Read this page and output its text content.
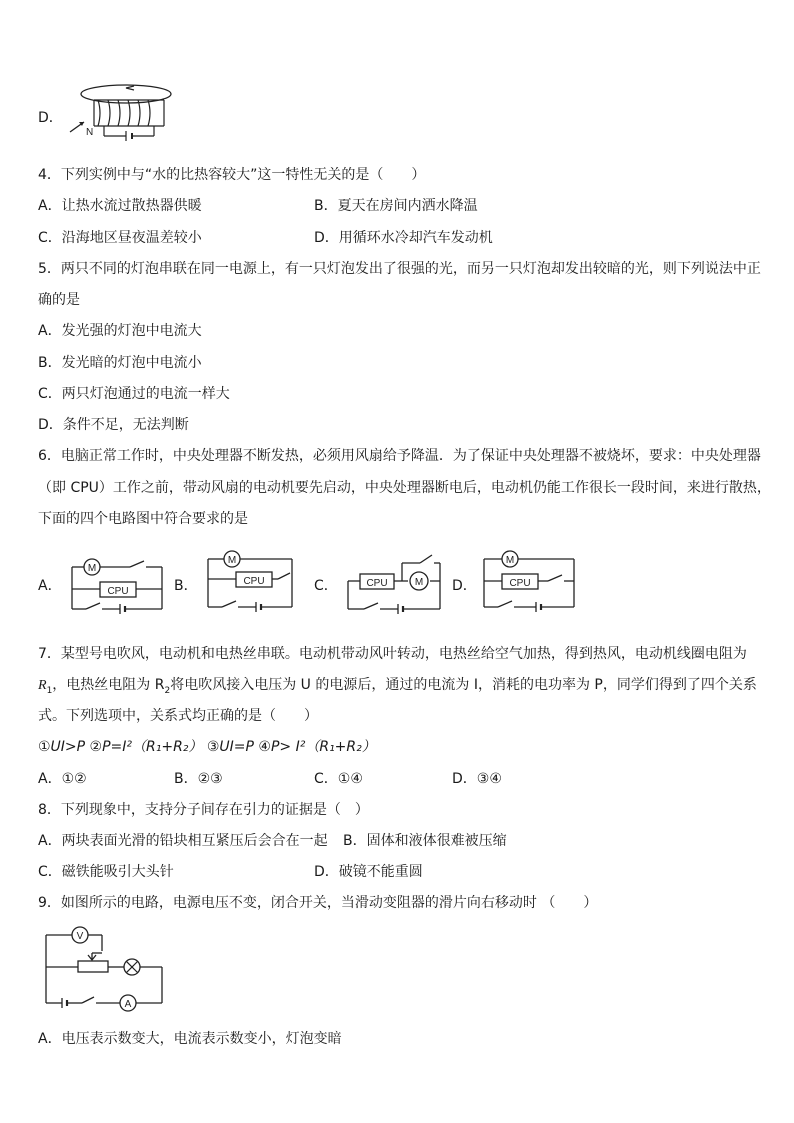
D．
N
4．下列实例中与“水的比热容较大”这一特性无关的是（　　）
A．让热水流过散热器供暖	B．夏天在房间内洒水降温
C．沿海地区昼夜温差较小	D．用循环水冷却汽车发动机
5．两只不同的灯泡串联在同一电源上，有一只灯泡发出了很强的光，而另一只灯泡却发出较暗的光，则下列说法中正
确的是
A．发光强的灯泡中电流大
B．发光暗的灯泡中电流小
C．两只灯泡通过的电流一样大
D．条件不足，无法判断
6．电脑正常工作时，中央处理器不断发热，必须用风扇给予降温．为了保证中央处理器不被烧坏，要求：中央处理器
（即 CPU）工作之前，带动风扇的电动机要先启动，中央处理器断电后，电动机仍能工作很长一段时间，来进行散热，
下面的四个电路图中符合要求的是
A．	B．	C．	D．
M
CPU
M
CPU	M
CPU
M
CPU
7．某型号电吹风，电动机和电热丝串联。电动机带动风叶转动，电热丝给空气加热，得到热风，电动机线圈电阻为
$R_1$，电热丝电阻为 $R_2$将电吹风接入电压为 U 的电源后，通过的电流为 I，消耗的电功率为 P，同学们得到了四个关系
式。下列选项中，关系式均正确的是（　　）
①UI>P ②P=I²（R₁+R₂） ③UI=P ④P> I²（R₁+R₂）
A．①②	B．②③	C．①④	D．③④
8．下列现象中，支持分子间存在引力的证据是（　）
A．两块表面光滑的铅块相互紧压后会合在一起 B．固体和液体很难被压缩
C．磁铁能吸引大头针	D．破镜不能重圆
9．如图所示的电路，电源电压不变，闭合开关，当滑动变阻器的滑片向右移动时 （　　）
V
A
A．电压表示数变大，电流表示数变小，灯泡变暗
